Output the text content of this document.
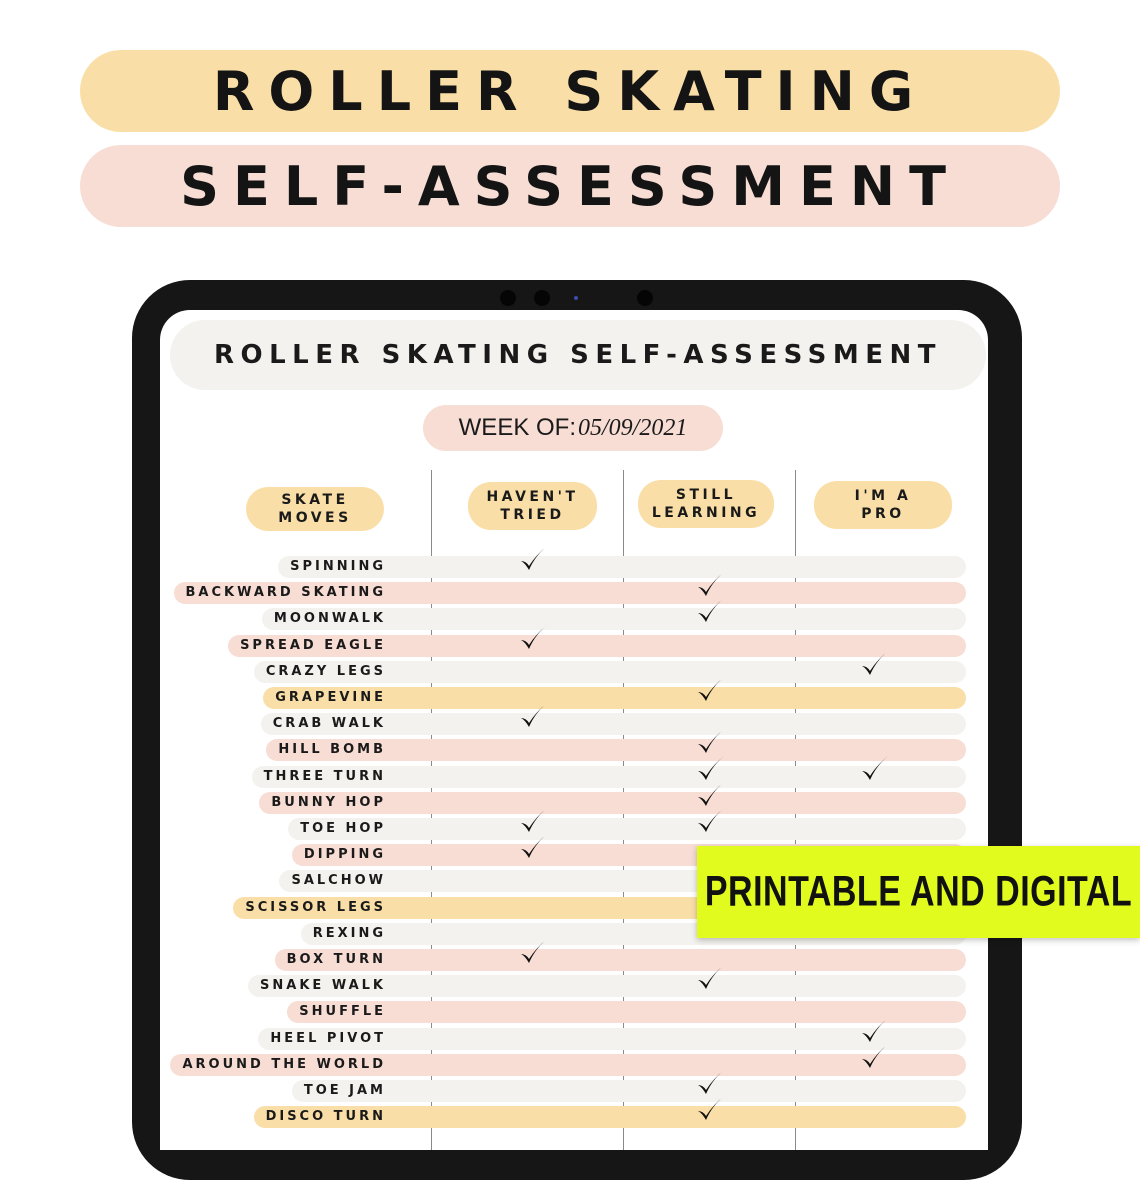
ROLLER SKATING
SELF-ASSESSMENT
ROLLER SKATING SELF-ASSESSMENT
WEEK OF: 05/09/2021
SKATE
MOVES
HAVEN'T
TRIED
STILL
LEARNING
I'M A
PRO
SPINNING
BACKWARD SKATING
MOONWALK
SPREAD EAGLE
CRAZY LEGS
GRAPEVINE
CRAB WALK
HILL BOMB
THREE TURN
BUNNY HOP
TOE HOP
DIPPING
SALCHOW
SCISSOR LEGS
REXING
BOX TURN
SNAKE WALK
SHUFFLE
HEEL PIVOT
AROUND THE WORLD
TOE JAM
DISCO TURN
PRINTABLE AND DIGITAL
